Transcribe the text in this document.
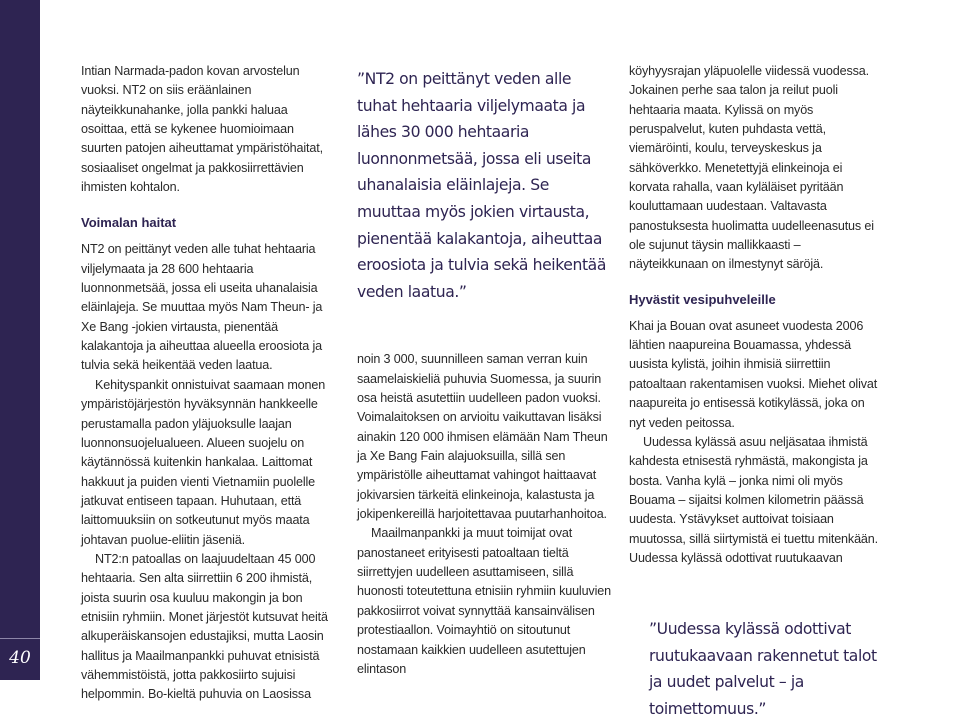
40

Intian Narmada-padon kovan arvostelun vuoksi. NT2 on siis eräänlainen näyteikkunahanke, jolla pankki haluaa osoittaa, että se kykenee huomioimaan suurten patojen aiheuttamat ympäristöhaitat, sosiaaliset ongelmat ja pakkosiirrettävien ihmisten kohtalon.

Voimalan haitat

NT2 on peittänyt veden alle tuhat hehtaaria viljelymaata ja 28 600 hehtaaria luonnonmetsää, jossa eli useita uhanalaisia eläinlajeja. Se muuttaa myös Nam Theun- ja Xe Bang -jokien virtausta, pienentää kalakantoja ja aiheuttaa alueella eroosiota ja tulvia sekä heikentää veden laatua.

Kehityspankit onnistuivat saamaan monen ympäristöjärjestön hyväksynnän hankkeelle perustamalla padon yläjuoksulle laajan luonnonsuojelualueen. Alueen suojelu on käytännössä kuitenkin hankalaa. Laittomat hakkuut ja puiden vienti Vietnamiin puolelle jatkuvat entiseen tapaan. Huhutaan, että laittomuuksiin on sotkeutunut myös maata johtavan puolue-eliitin jäseniä.

NT2:n patoallas on laajuudeltaan 45 000 hehtaaria. Sen alta siirrettiin 6 200 ihmistä, joista suurin osa kuuluu makongin ja bon etnisiin ryhmiin. Monet järjestöt kutsuvat heitä alkuperäiskansojen edustajiksi, mutta Laosin hallitus ja Maailmanpankki puhuvat etnisistä vähemmistöistä, jotta pakkosiirto sujuisi helpommin. Bo-kieltä puhuvia on Laosissa

”NT2 on peittänyt veden alle tuhat hehtaaria viljelymaata ja lähes 30 000 hehtaaria luonnonmetsää, jossa eli useita uhanalaisia eläinlajeja. Se muuttaa myös jokien virtausta, pienentää kalakantoja, aiheuttaa eroosiota ja tulvia sekä heikentää veden laatua.”

noin 3 000, suunnilleen saman verran kuin saamelaiskieliä puhuvia Suomessa, ja suurin osa heistä asutettiin uudelleen padon vuoksi. Voimalaitoksen on arvioitu vaikuttavan lisäksi ainakin 120 000 ihmisen elämään Nam Theun ja Xe Bang Fain alajuoksuilla, sillä sen ympäristölle aiheuttamat vahingot haittaavat jokivarsien tärkeitä elinkeinoja, kalastusta ja jokipenkereillä harjoitettavaa puutarhanhoitoa.

Maailmanpankki ja muut toimijat ovat panostaneet erityisesti patoaltaan tieltä siirrettyjen uudelleen asuttamiseen, sillä huonosti toteutettuna etnisiin ryhmiin kuuluvien pakkosiirrot voivat synnyttää kansainvälisen protestiaallon. Voimayhtiö on sitoutunut nostamaan kaikkien uudelleen asutettujen elintason

köyhyysrajan yläpuolelle viidessä vuodessa. Jokainen perhe saa talon ja reilut puoli hehtaaria maata. Kylissä on myös peruspalvelut, kuten puhdasta vettä, viemäröinti, koulu, terveyskeskus ja sähköverkko. Menetettyjä elinkeinoja ei korvata rahalla, vaan kyläläiset pyritään kouluttamaan uudestaan. Valtavasta panostuksesta huolimatta uudelleenasutus ei ole sujunut täysin mallikkaasti – näyteikkunaan on ilmestynyt säröjä.

Hyvästit vesipuhveleille

Khai ja Bouan ovat asuneet vuodesta 2006 lähtien naapureina Bouamassa, yhdessä uusista kylistä, joihin ihmisiä siirrettiin patoaltaan rakentamisen vuoksi. Miehet olivat naapureita jo entisessä kotikylässä, joka on nyt veden peitossa.

Uudessa kylässä asuu neljäsataa ihmistä kahdesta etnisestä ryhmästä, makongista ja bosta. Vanha kylä – jonka nimi oli myös Bouama – sijaitsi kolmen kilometrin päässä uudesta. Ystävykset auttoivat toisiaan muutossa, sillä siirtymistä ei tuettu mitenkään. Uudessa kylässä odottivat ruutukaavan

”Uudessa kylässä odottivat ruutukaavaan rakennetut talot ja uudet palvelut – ja toimettomuus.”
